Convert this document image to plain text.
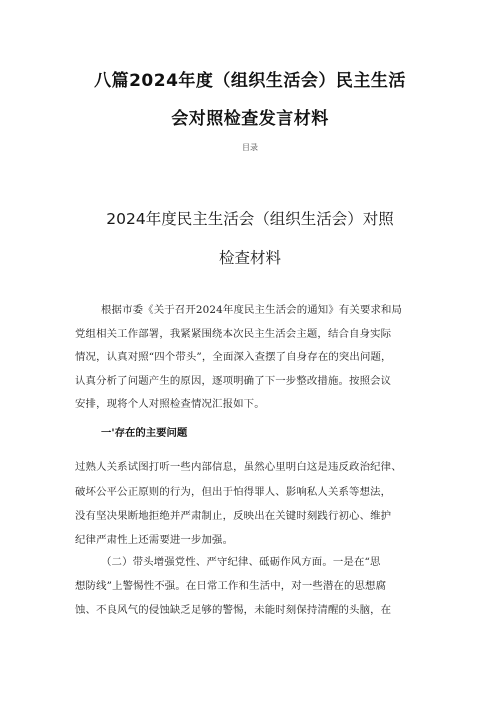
八篇2024年度（组织生活会）民主生活
会对照检查发言材料
目录
2024年度民主生活会（组织生活会）对照
检查材料
根据市委《关于召开2024年度民主生活会的通知》有关要求和局
党组相关工作部署，我紧紧围绕本次民主生活会主题，结合自身实际
情况，认真对照“四个带头”，全面深入查摆了自身存在的突出问题，
认真分析了问题产生的原因，逐项明确了下一步整改措施。按照会议
安排，现将个人对照检查情况汇报如下。
一'存在的主要问题
过熟人关系试图打听一些内部信息，虽然心里明白这是违反政治纪律、
破坏公平公正原则的行为，但出于怕得罪人、影响私人关系等想法，
没有坚决果断地拒绝并严肃制止，反映出在关键时刻践行初心、维护
纪律严肃性上还需要进一步加强。
（二）带头增强党性、严守纪律、砥砺作风方面。一是在“思
想防线”上警惕性不强。在日常工作和生活中，对一些潜在的思想腐
蚀、不良风气的侵蚀缺乏足够的警惕，未能时刻保持清醒的头脑，在
